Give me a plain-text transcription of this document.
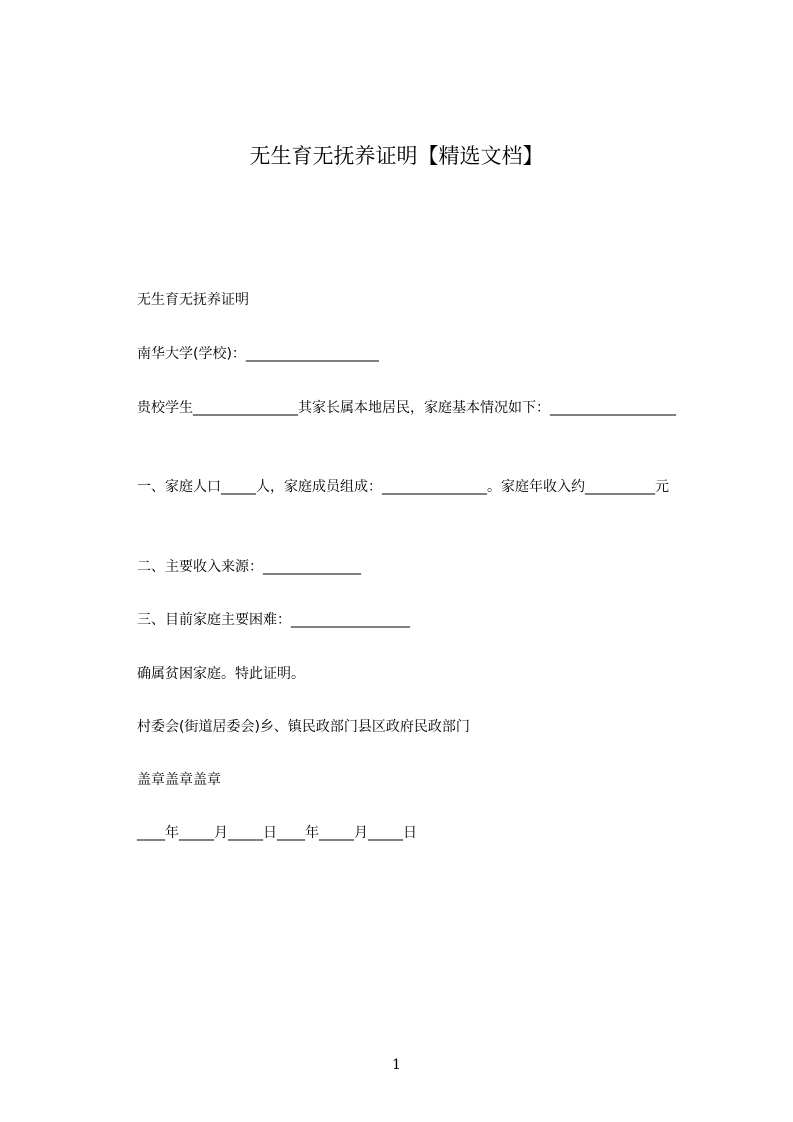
无生育无抚养证明【精选文档】
无生育无抚养证明
南华大学(学校)：___________________
贵校学生_______________其家长属本地居民，家庭基本情况如下：__________________
一、家庭人口_____人，家庭成员组成：_______________。家庭年收入约__________元
二、主要收入来源：______________
三、目前家庭主要困难：_________________
确属贫困家庭。特此证明。
村委会(街道居委会)乡、镇民政部门县区政府民政部门
盖章盖章盖章
____年_____月_____日____年_____月_____日
1
